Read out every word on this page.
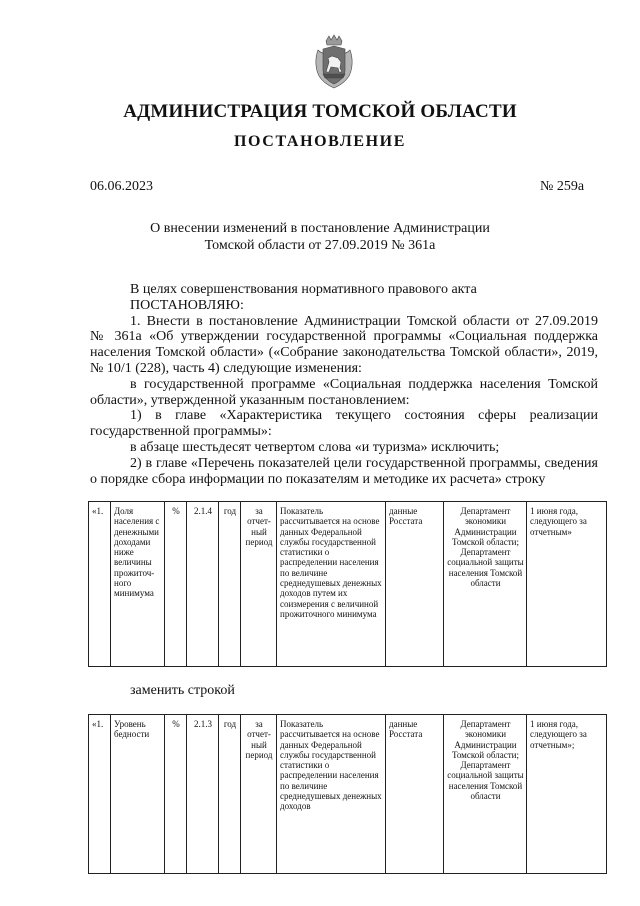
АДМИНИСТРАЦИЯ ТОМСКОЙ ОБЛАСТИ
ПОСТАНОВЛЕНИЕ
06.06.2023	№ 259а
О внесении изменений в постановление Администрации
Томской области от 27.09.2019 № 361а

В целях совершенствования нормативного правового акта

ПОСТАНОВЛЯЮ:

1. Внести в постановление Администрации Томской области от 27.09.2019

№ 361а «Об утверждении государственной программы «Социальная поддержка населения Томской области» («Собрание законодательства Томской области», 2019, № 10/1 (228), часть 4) следующие изменения:

в государственной программе «Социальная поддержка населения Томской

области», утвержденной указанным постановлением:

1) в главе «Характеристика текущего состояния сферы реализации

государственной программы»:

в абзаце шестьдесят четвертом слова «и туризма» исключить;

2) в главе «Перечень показателей цели государственной программы, сведения о порядке сбора информации по показателям и методике их расчета» строку

«1.	Доля населения с денежными доходами ниже величины прожиточ-ного минимума	%	2.1.4	год	за отчет-ный период	Показатель рассчитывается на основе данных Федеральной службы государственной статистики о распределении населения по величине среднедушевых денежных доходов путем их соизмерения с величиной прожиточного минимума	данные Росстата	Департамент экономики Администрации Томской области; Департамент социальной защиты населения Томской области	1 июня года, следующего за отчетным»
заменить строкой
«1.	Уровень бедности	%	2.1.3	год	за отчет-ный период	Показатель рассчитывается на основе данных Федеральной службы государственной статистики о распределении населения по величине среднедушевых денежных доходов	данные Росстата	Департамент экономики Администрации Томской области; Департамент социальной защиты населения Томской области	1 июня года, следующего за отчетным»;
